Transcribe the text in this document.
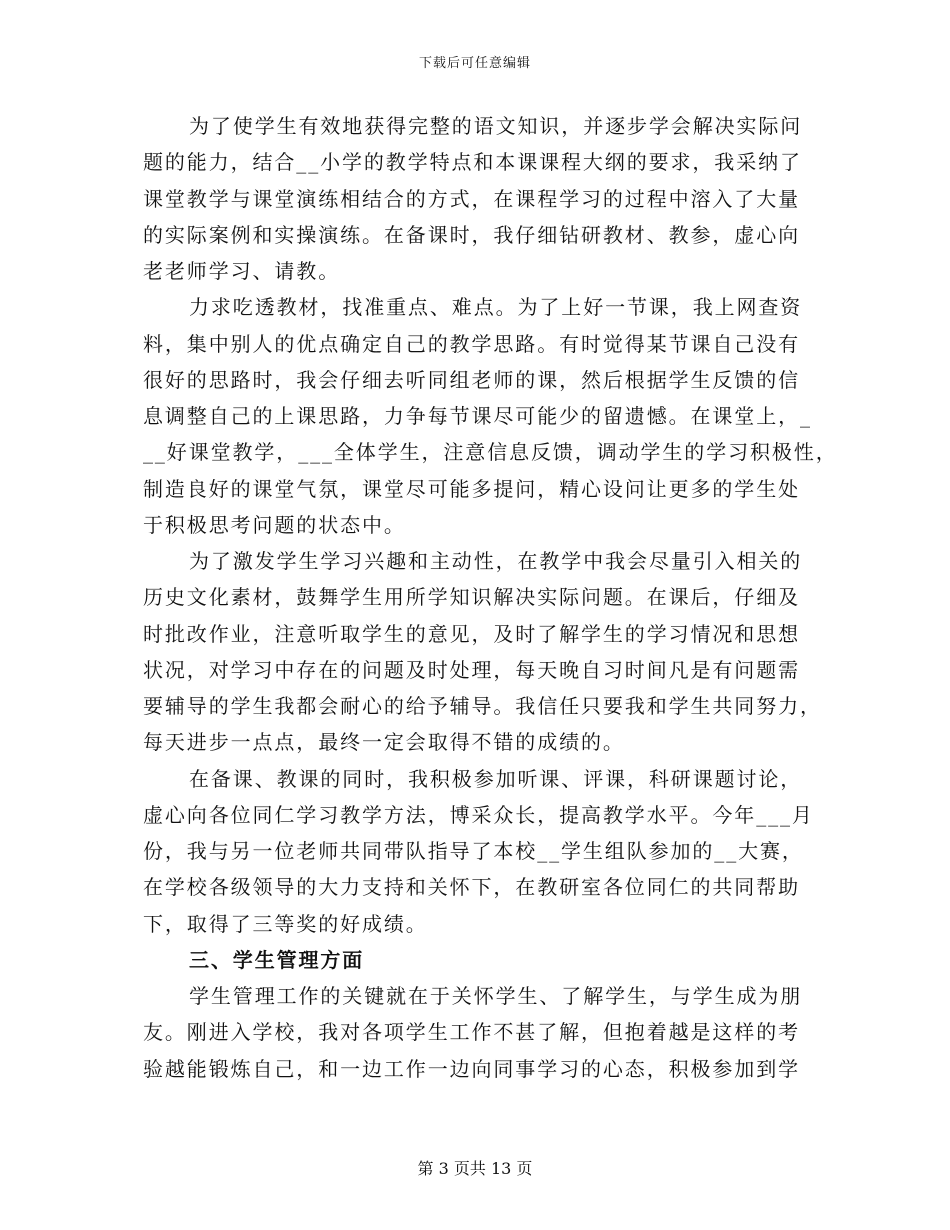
下载后可任意编辑
为了使学生有效地获得完整的语文知识，并逐步学会解决实际问
题的能力，结合__小学的教学特点和本课课程大纲的要求，我采纳了
课堂教学与课堂演练相结合的方式，在课程学习的过程中溶入了大量
的实际案例和实操演练。在备课时，我仔细钻研教材、教参，虚心向
老老师学习、请教。
力求吃透教材，找准重点、难点。为了上好一节课，我上网查资
料，集中别人的优点确定自己的教学思路。有时觉得某节课自己没有
很好的思路时，我会仔细去听同组老师的课，然后根据学生反馈的信
息调整自己的上课思路，力争每节课尽可能少的留遗憾。在课堂上，_
__好课堂教学，___全体学生，注意信息反馈，调动学生的学习积极性，
制造良好的课堂气氛，课堂尽可能多提问，精心设问让更多的学生处
于积极思考问题的状态中。
为了激发学生学习兴趣和主动性，在教学中我会尽量引入相关的
历史文化素材，鼓舞学生用所学知识解决实际问题。在课后，仔细及
时批改作业，注意听取学生的意见，及时了解学生的学习情况和思想
状况，对学习中存在的问题及时处理，每天晚自习时间凡是有问题需
要辅导的学生我都会耐心的给予辅导。我信任只要我和学生共同努力，
每天进步一点点，最终一定会取得不错的成绩的。
在备课、教课的同时，我积极参加听课、评课，科研课题讨论，
虚心向各位同仁学习教学方法，博采众长，提高教学水平。今年___月
份，我与另一位老师共同带队指导了本校__学生组队参加的__大赛，
在学校各级领导的大力支持和关怀下，在教研室各位同仁的共同帮助
下，取得了三等奖的好成绩。
三、学生管理方面
学生管理工作的关键就在于关怀学生、了解学生，与学生成为朋
友。刚进入学校，我对各项学生工作不甚了解，但抱着越是这样的考
验越能锻炼自己，和一边工作一边向同事学习的心态，积极参加到学
第 3 页共 13 页
